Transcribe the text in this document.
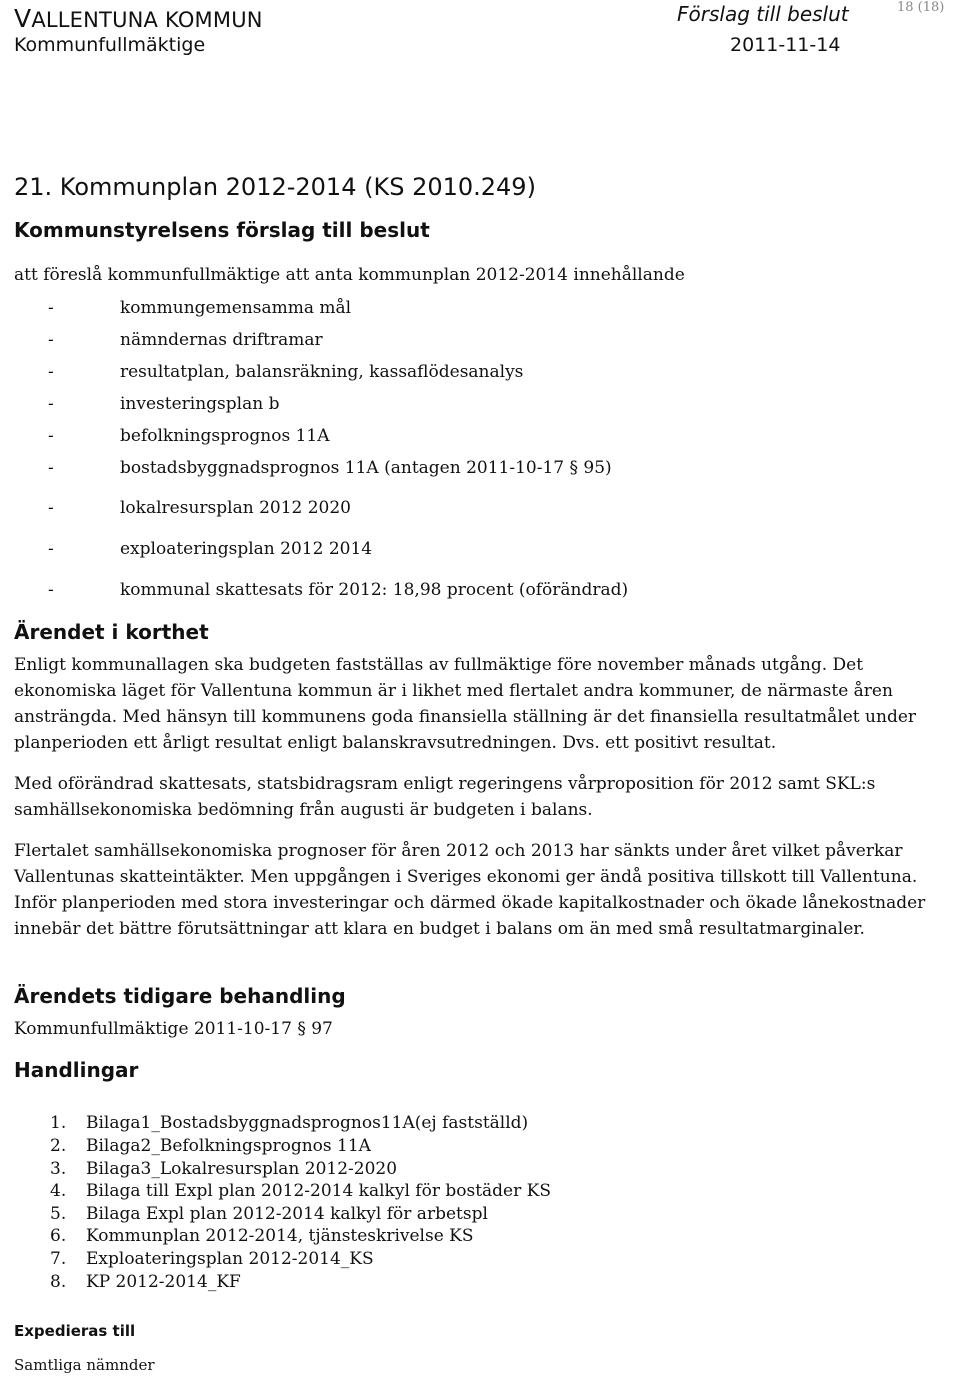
VALLENTUNA KOMMUN
Kommunfullmäktige
Förslag till beslut
2011-11-14
18 (18)
21. Kommunplan 2012-2014 (KS 2010.249)
Kommunstyrelsens förslag till beslut
att föreslå kommunfullmäktige att anta kommunplan 2012-2014 innehållande
-	kommungemensamma mål
-	nämndernas driftramar
-	resultatplan, balansräkning, kassaflödesanalys
-	investeringsplan b
-	befolkningsprognos 11A
-	bostadsbyggnadsprognos 11A (antagen 2011-10-17 § 95)
-	lokalresursplan 2012 2020
-	exploateringsplan 2012 2014
-	kommunal skattesats för 2012: 18,98 procent (oförändrad)
Ärendet i korthet

Enligt kommunallagen ska budgeten fastställas av fullmäktige före november månads utgång. Det ekonomiska läget för Vallentuna kommun är i likhet med flertalet andra kommuner, de närmaste åren ansträngda. Med hänsyn till kommunens goda finansiella ställning är det finansiella resultatmålet under planperioden ett årligt resultat enligt balanskravsutredningen. Dvs. ett positivt resultat.

Med oförändrad skattesats, statsbidragsram enligt regeringens vårproposition för 2012 samt SKL:s samhällsekonomiska bedömning från augusti är budgeten i balans.

Flertalet samhällsekonomiska prognoser för åren 2012 och 2013 har sänkts under året vilket påverkar Vallentunas skatteintäkter. Men uppgången i Sveriges ekonomi ger ändå positiva tillskott till Vallentuna. Inför planperioden med stora investeringar och därmed ökade kapitalkostnader och ökade lånekostnader innebär det bättre förutsättningar att klara en budget i balans om än med små resultatmarginaler.

Ärendets tidigare behandling
Kommunfullmäktige 2011-10-17 § 97
Handlingar
1. Bilaga1_Bostadsbyggnadsprognos11A(ej fastställd)
2. Bilaga2_Befolkningsprognos 11A
3. Bilaga3_Lokalresursplan 2012-2020
4. Bilaga till Expl plan 2012-2014 kalkyl för bostäder KS
5. Bilaga Expl plan 2012-2014 kalkyl för arbetspl
6. Kommunplan 2012-2014, tjänsteskrivelse KS
7. Exploateringsplan 2012-2014_KS
8. KP 2012-2014_KF
Expedieras till
Samtliga nämnder
